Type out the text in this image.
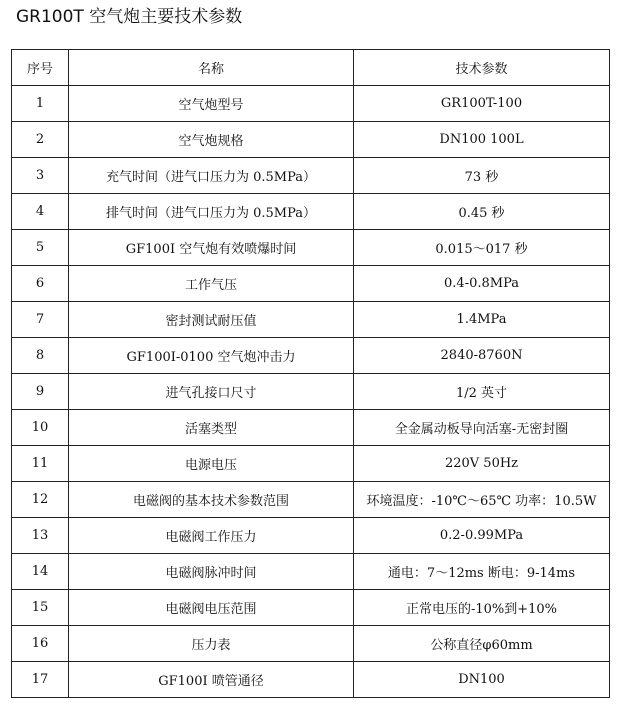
GR100T 空气炮主要技术参数
序号	名称	技术参数
1	空气炮型号	GR100T-100
2	空气炮规格	DN100 100L
3	充气时间（进气口压力为 0.5MPa）	73 秒
4	排气时间（进气口压力为 0.5MPa）	0.45 秒
5	GF100I 空气炮有效喷爆时间	0.015～017 秒
6	工作气压	0.4-0.8MPa
7	密封测试耐压值	1.4MPa
8	GF100I-0100 空气炮冲击力	2840-8760N
9	进气孔接口尺寸	1/2 英寸
10	活塞类型	全金属动板导向活塞-无密封圈
11	电源电压	220V 50Hz
12	电磁阀的基本技术参数范围	环境温度：-10℃～65℃ 功率：10.5W
13	电磁阀工作压力	0.2-0.99MPa
14	电磁阀脉冲时间	通电：7～12ms 断电：9-14ms
15	电磁阀电压范围	正常电压的-10%到+10%
16	压力表	公称直径φ60mm
17	GF100I 喷管通径	DN100
